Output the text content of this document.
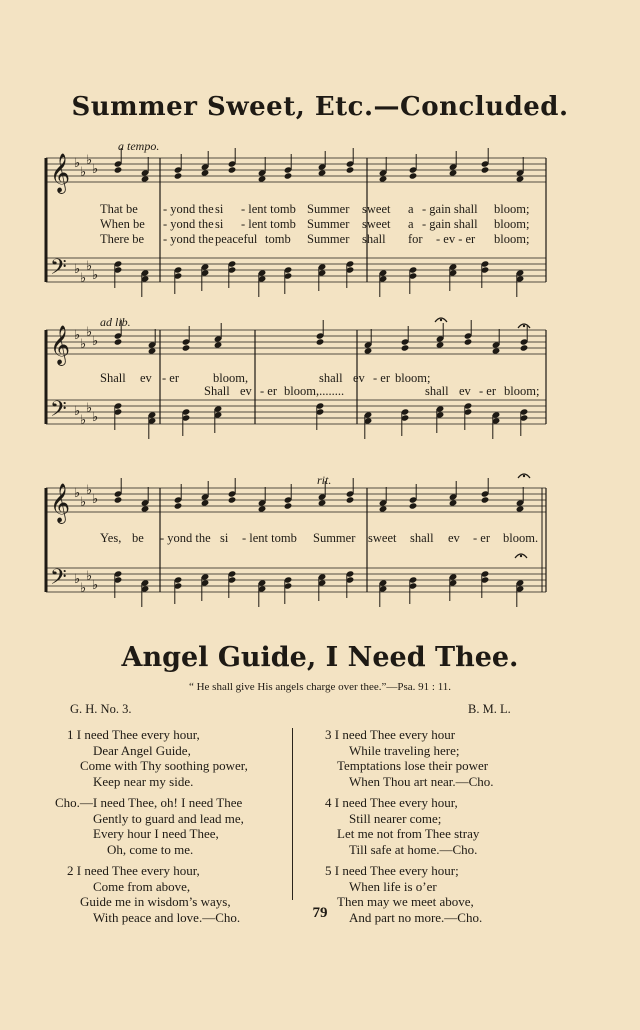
𝄞 ♭
♭
♭
♭
𝄢 ♭
♭
♭
♭
𝄞 ♭
♭
♭
♭
𝄢 ♭
♭
♭
♭
𝄞 ♭
♭
♭
♭
𝄢 ♭
♭
♭
♭
Summer Sweet, Etc.—Concluded.
a tempo.
ad lib.
rit.
That be - yond thesi - lent tomb Summer sweet a - gain shall bloom;
When be - yond thesi - lent tomb Summer sweet a - gain shall bloom;
There be - yond thepeaceful tomb Summer shall for - ev - er bloom;
Shall ev - er	bloom,	shall ev - er bloom;
Shall ev - er bloom,........	shall ev - er bloom;
Yes, be - yond the si - lent tomb Summer sweet shall ev - er bloom.
Angel Guide, I Need Thee.
“ He shall give His angels charge over thee.”—Psa. 91 : 11.
G. H. No. 3.	B. M. L.
1 I need Thee every hour,
Dear Angel Guide,
Come with Thy soothing power,
Keep near my side.
Cho.—I need Thee, oh! I need Thee
Gently to guard and lead me,
Every hour I need Thee,
Oh, come to me.
2 I need Thee every hour,
Come from above,
Guide me in wisdom’s ways,
With peace and love.—Cho.
3 I need Thee every hour
While traveling here;
Temptations lose their power
When Thou art near.—Cho.
4 I need Thee every hour,
Still nearer come;
Let me not from Thee stray
Till safe at home.—Cho.
5 I need Thee every hour;
When life is o’er
Then may we meet above,
And part no more.—Cho.
79
